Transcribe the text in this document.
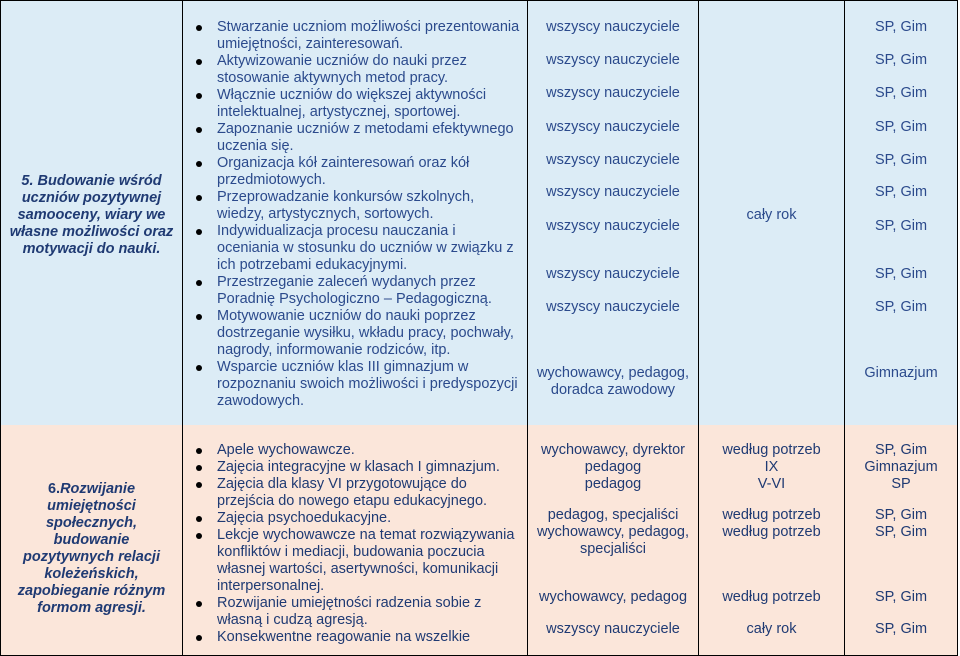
5. Budowanie wśród uczniów pozytywnej samooceny, wiary we własne możliwości oraz motywacji do nauki.
Stwarzanie uczniom możliwości prezentowania umiejętności, zainteresowań.
Aktywizowanie uczniów do nauki przez stosowanie aktywnych metod pracy.
Włącznie uczniów do większej aktywności intelektualnej, artystycznej, sportowej.
Zapoznanie uczniów z metodami efektywnego uczenia się.
Organizacja kół zainteresowań oraz kół przedmiotowych.
Przeprowadzanie konkursów szkolnych, wiedzy, artystycznych, sortowych.
Indywidualizacja procesu nauczania i oceniania w stosunku do uczniów w związku z ich potrzebami edukacyjnymi.
Przestrzeganie zaleceń wydanych przez Poradnię Psychologiczno – Pedagogiczną.
Motywowanie uczniów do nauki poprzez dostrzeganie wysiłku, wkładu pracy, pochwały, nagrody, informowanie rodziców, itp.
Wsparcie uczniów klas III gimnazjum w rozpoznaniu swoich możliwości i predyspozycji zawodowych.
wszyscy nauczyciele
wszyscy nauczyciele
wszyscy nauczyciele
wszyscy nauczyciele
wszyscy nauczyciele
wszyscy nauczyciele
wszyscy nauczyciele
wszyscy nauczyciele
wszyscy nauczyciele
wychowawcy, pedagog,
doradca zawodowy
cały rok
SP, Gim
SP, Gim
SP, Gim
SP, Gim
SP, Gim
SP, Gim
SP, Gim
SP, Gim
SP, Gim
Gimnazjum
6.Rozwijanie umiejętności społecznych, budowanie pozytywnych relacji koleżeńskich, zapobieganie różnym formom agresji.
Apele wychowawcze.
Zajęcia integracyjne w klasach I gimnazjum.
Zajęcia dla klasy VI przygotowujące do przejścia do nowego etapu edukacyjnego.
Zajęcia psychoedukacyjne.
Lekcje wychowawcze na temat rozwiązywania konfliktów i mediacji, budowania poczucia własnej wartości, asertywności, komunikacji interpersonalnej.
Rozwijanie umiejętności radzenia sobie z własną i cudzą agresją.
Konsekwentne reagowanie na wszelkie
wychowawcy, dyrektor
pedagog
pedagog
pedagog, specjaliści
wychowawcy, pedagog,
specjaliści
wychowawcy, pedagog
wszyscy nauczyciele
według potrzeb
IX
V-VI
według potrzeb
według potrzeb
według potrzeb
cały rok
SP, Gim
Gimnazjum
SP
SP, Gim
SP, Gim
SP, Gim
SP, Gim
